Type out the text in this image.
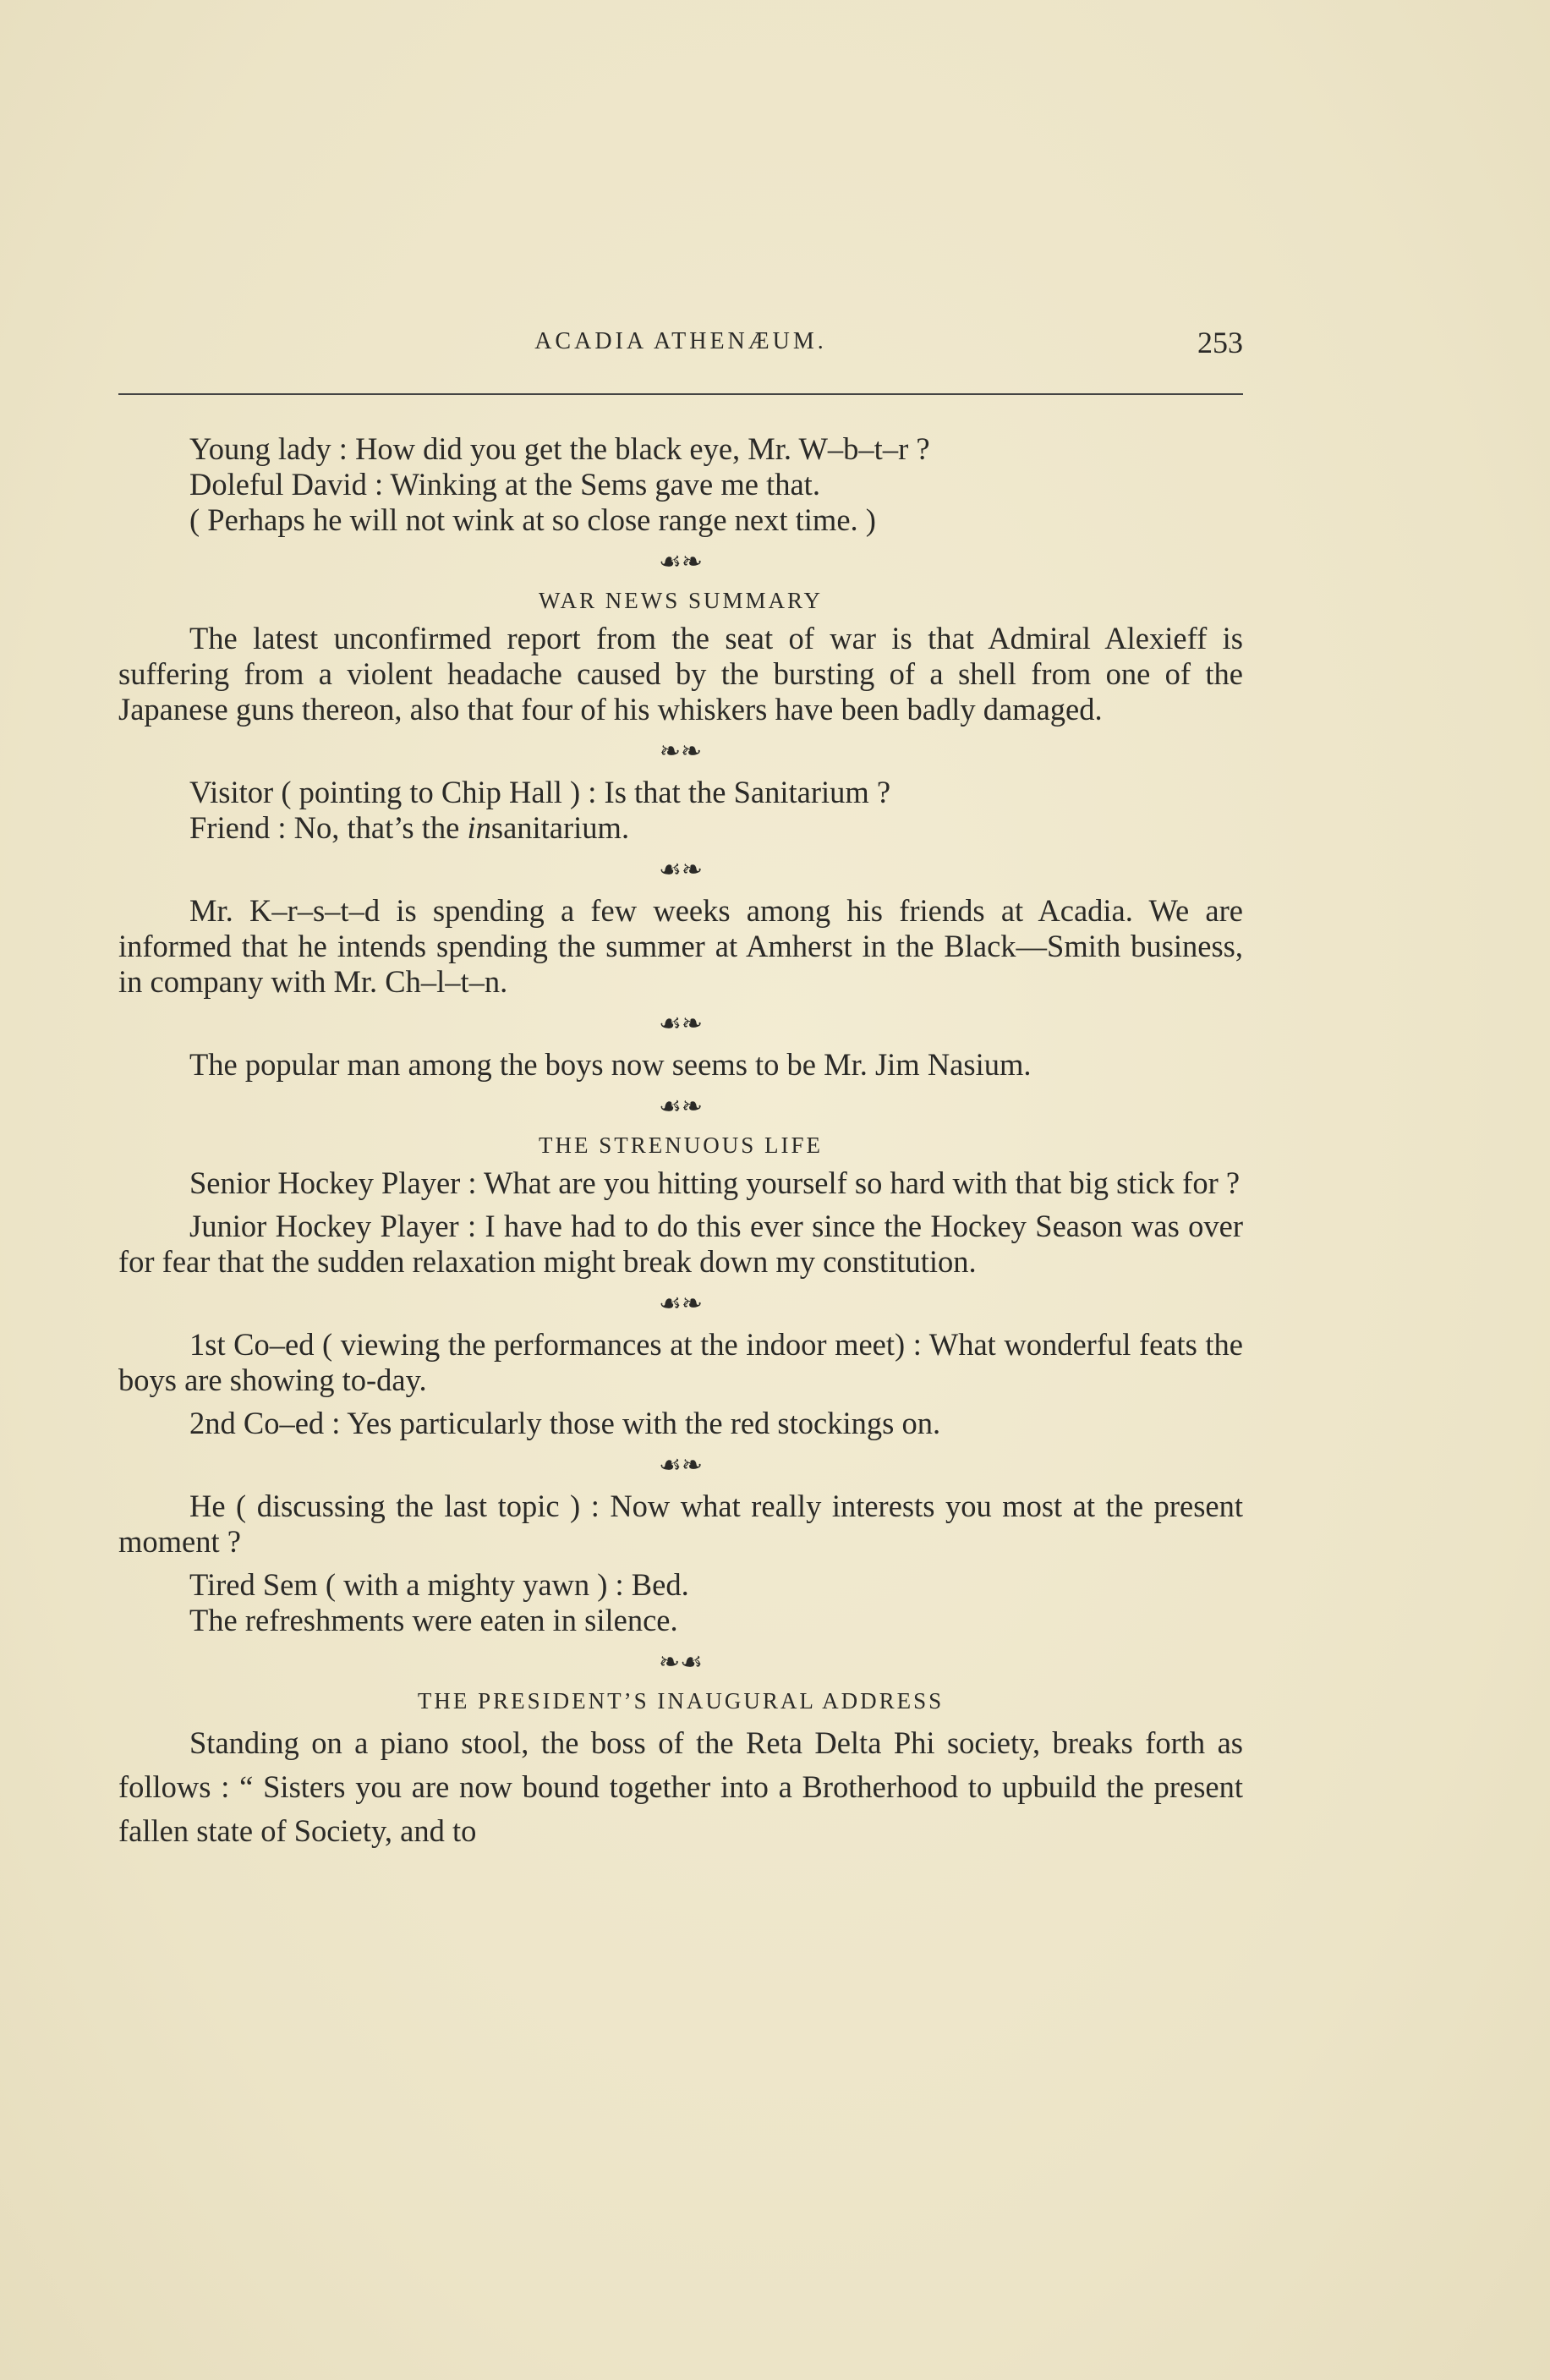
ACADIA ATHENÆUM.	253

Young lady : How did you get the black eye, Mr. W–b–t–r ?

Doleful David : Winking at the Sems gave me that.

( Perhaps he will not wink at so close range next time. )

☙❧
WAR NEWS SUMMARY

The latest unconfirmed report from the seat of war is that Admiral Alexieff is suffering from a violent headache caused by the bursting of a shell from one of the Japanese guns thereon, also that four of his whiskers have been badly damaged.

❧❧

Visitor ( pointing to Chip Hall ) : Is that the Sanitarium ?

Friend : No, that’s the insanitarium.

☙❧

Mr. K–r–s–t–d is spending a few weeks among his friends at Acadia. We are informed that he intends spending the summer at Amherst in the Black—Smith business, in company with Mr. Ch–l–t–n.

☙❧

The popular man among the boys now seems to be Mr. Jim Nasium.

☙❧
THE STRENUOUS LIFE

Senior Hockey Player : What are you hitting yourself so hard with that big stick for ?

Junior Hockey Player : I have had to do this ever since the Hockey Season was over for fear that the sudden relaxation might break down my constitution.

☙❧

1st Co–ed ( viewing the performances at the indoor meet) : What wonderful feats the boys are showing to-day.

2nd Co–ed : Yes particularly those with the red stockings on.

☙❧

He ( discussing the last topic ) : Now what really interests you most at the present moment ?

Tired Sem ( with a mighty yawn ) : Bed.

The refreshments were eaten in silence.

❧☙
THE PRESIDENT’S INAUGURAL ADDRESS

Standing on a piano stool, the boss of the Reta Delta Phi society, breaks forth as follows : “ Sisters you are now bound together into a Brotherhood to upbuild the present fallen state of Society, and to
